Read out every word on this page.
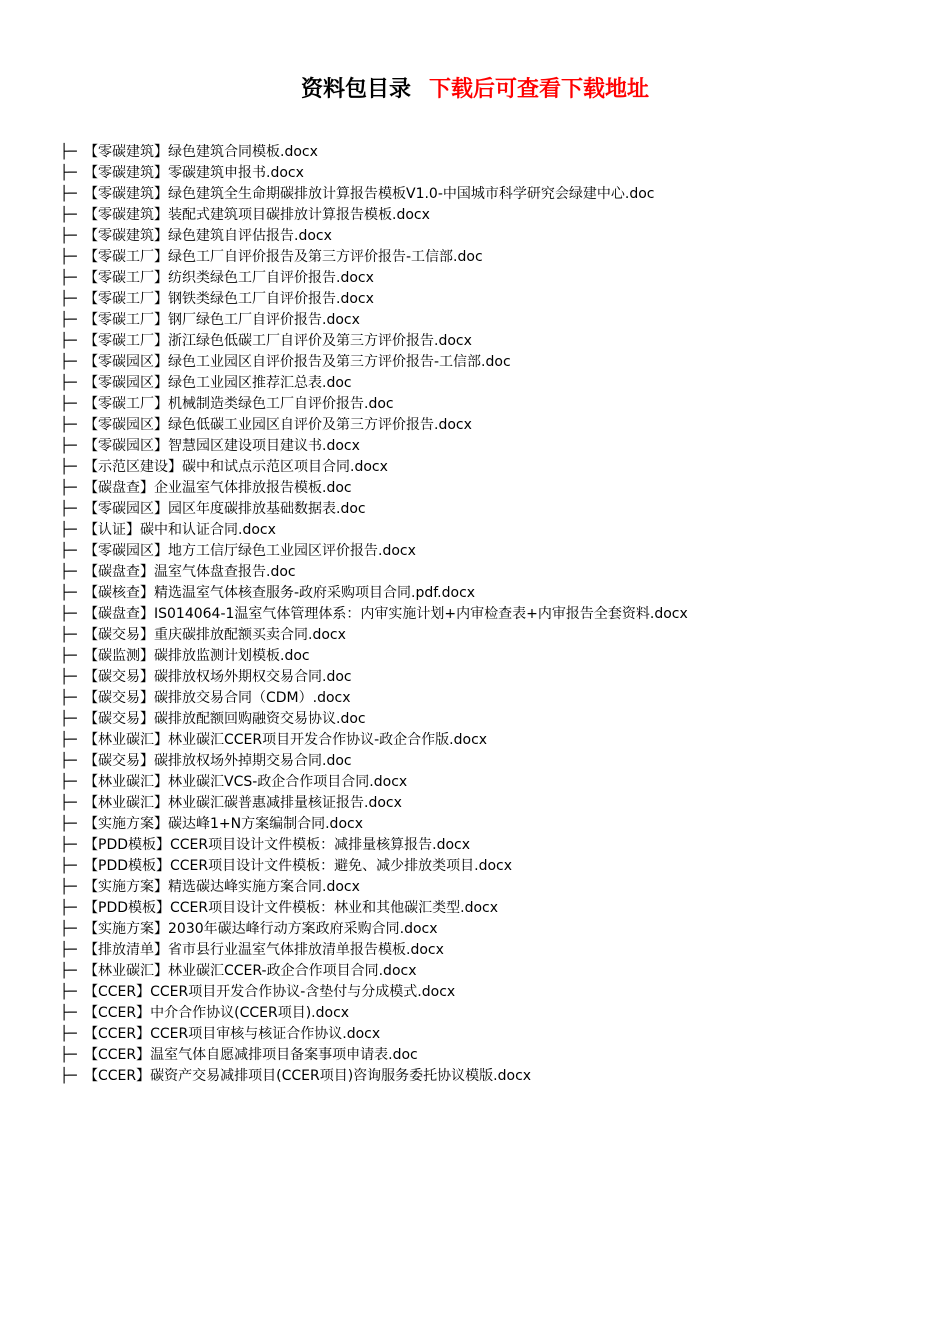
资料包目录 下载后可查看下载地址
├─ 【零碳建筑】绿色建筑合同模板.docx
├─ 【零碳建筑】零碳建筑申报书.docx
├─ 【零碳建筑】绿色建筑全生命期碳排放计算报告模板V1.0-中国城市科学研究会绿建中心.doc
├─ 【零碳建筑】装配式建筑项目碳排放计算报告模板.docx
├─ 【零碳建筑】绿色建筑自评估报告.docx
├─ 【零碳工厂】绿色工厂自评价报告及第三方评价报告-工信部.doc
├─ 【零碳工厂】纺织类绿色工厂自评价报告.docx
├─ 【零碳工厂】钢铁类绿色工厂自评价报告.docx
├─ 【零碳工厂】钢厂绿色工厂自评价报告.docx
├─ 【零碳工厂】浙江绿色低碳工厂自评价及第三方评价报告.docx
├─ 【零碳园区】绿色工业园区自评价报告及第三方评价报告-工信部.doc
├─ 【零碳园区】绿色工业园区推荐汇总表.doc
├─ 【零碳工厂】机械制造类绿色工厂自评价报告.doc
├─ 【零碳园区】绿色低碳工业园区自评价及第三方评价报告.docx
├─ 【零碳园区】智慧园区建设项目建议书.docx
├─ 【示范区建设】碳中和试点示范区项目合同.docx
├─ 【碳盘查】企业温室气体排放报告模板.doc
├─ 【零碳园区】园区年度碳排放基础数据表.doc
├─ 【认证】碳中和认证合同.docx
├─ 【零碳园区】地方工信厅绿色工业园区评价报告.docx
├─ 【碳盘查】温室气体盘查报告.doc
├─ 【碳核查】精选温室气体核查服务-政府采购项目合同.pdf.docx
├─ 【碳盘查】IS014064-1温室气体管理体系：内审实施计划+内审检查表+内审报告全套资料.docx
├─ 【碳交易】重庆碳排放配额买卖合同.docx
├─ 【碳监测】碳排放监测计划模板.doc
├─ 【碳交易】碳排放权场外期权交易合同.doc
├─ 【碳交易】碳排放交易合同（CDM）.docx
├─ 【碳交易】碳排放配额回购融资交易协议.doc
├─ 【林业碳汇】林业碳汇CCER项目开发合作协议-政企合作版.docx
├─ 【碳交易】碳排放权场外掉期交易合同.doc
├─ 【林业碳汇】林业碳汇VCS-政企合作项目合同.docx
├─ 【林业碳汇】林业碳汇碳普惠减排量核证报告.docx
├─ 【实施方案】碳达峰1+N方案编制合同.docx
├─ 【PDD模板】CCER项目设计文件模板：减排量核算报告.docx
├─ 【PDD模板】CCER项目设计文件模板：避免、减少排放类项目.docx
├─ 【实施方案】精选碳达峰实施方案合同.docx
├─ 【PDD模板】CCER项目设计文件模板：林业和其他碳汇类型.docx
├─ 【实施方案】2030年碳达峰行动方案政府采购合同.docx
├─ 【排放清单】省市县行业温室气体排放清单报告模板.docx
├─ 【林业碳汇】林业碳汇CCER-政企合作项目合同.docx
├─ 【CCER】CCER项目开发合作协议-含垫付与分成模式.docx
├─ 【CCER】中介合作协议(CCER项目).docx
├─ 【CCER】CCER项目审核与核证合作协议.docx
├─ 【CCER】温室气体自愿减排项目备案事项申请表.doc
├─ 【CCER】碳资产交易减排项目(CCER项目)咨询服务委托协议模版.docx
